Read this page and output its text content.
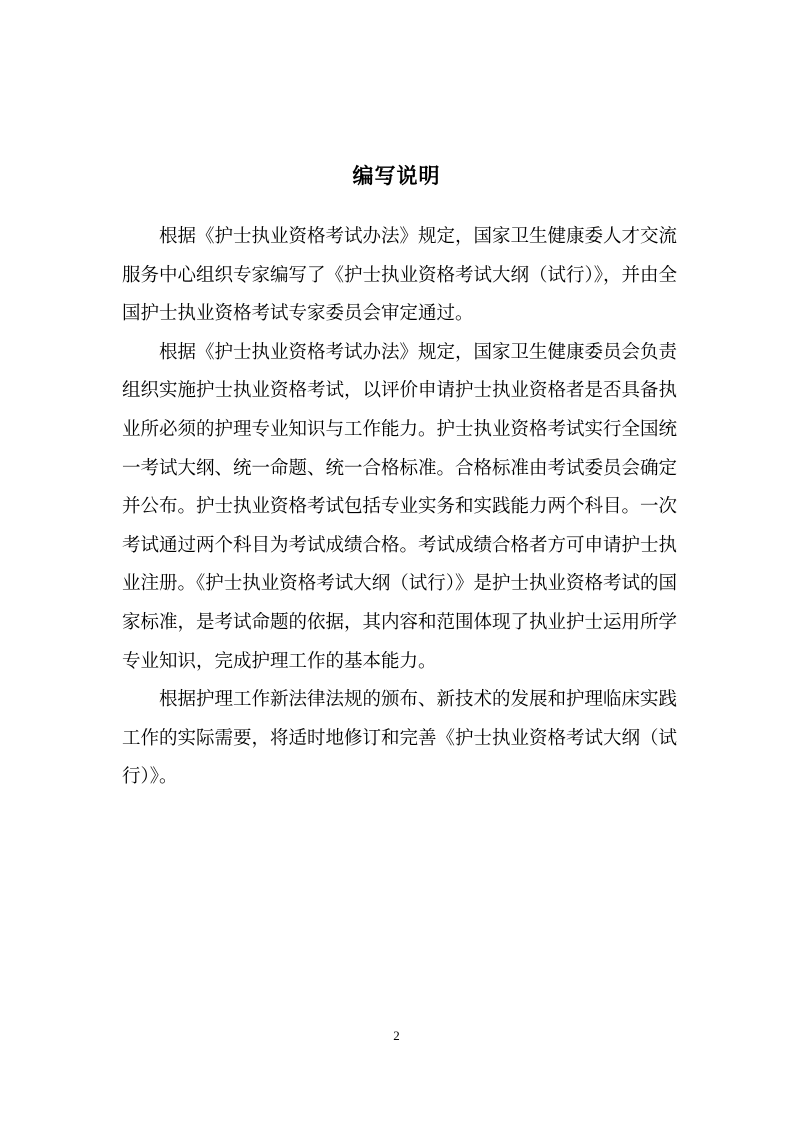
编写说明
根据《护士执业资格考试办法》规定，国家卫生健康委人才交流
服务中心组织专家编写了《护士执业资格考试大纲（试行）》，并由全
国护士执业资格考试专家委员会审定通过。
根据《护士执业资格考试办法》规定，国家卫生健康委员会负责
组织实施护士执业资格考试，以评价申请护士执业资格者是否具备执
业所必须的护理专业知识与工作能力。护士执业资格考试实行全国统
一考试大纲、统一命题、统一合格标准。合格标准由考试委员会确定
并公布。护士执业资格考试包括专业实务和实践能力两个科目。一次
考试通过两个科目为考试成绩合格。考试成绩合格者方可申请护士执
业注册。《护士执业资格考试大纲（试行）》是护士执业资格考试的国
家标准，是考试命题的依据，其内容和范围体现了执业护士运用所学
专业知识，完成护理工作的基本能力。
根据护理工作新法律法规的颁布、新技术的发展和护理临床实践
工作的实际需要，将适时地修订和完善《护士执业资格考试大纲（试
行）》。
2
